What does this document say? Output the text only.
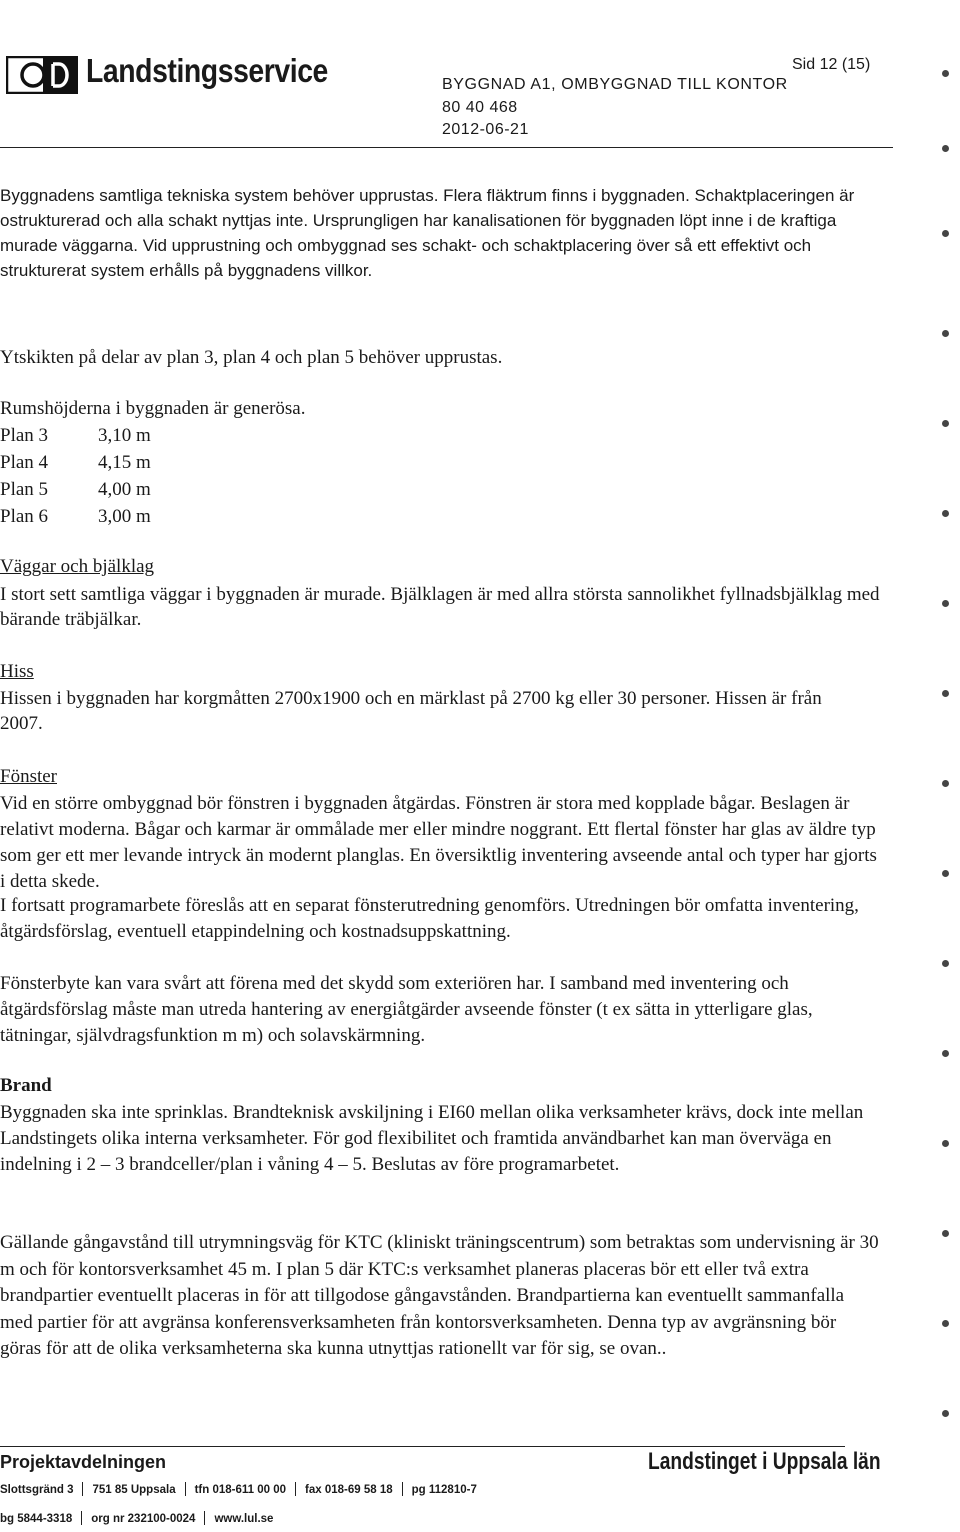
Landstingsservice	Sid 12 (15)
BYGGNAD A1, OMBYGGNAD TILL KONTOR
80 40 468
2012-06-21

Byggnadens samtliga tekniska system behöver upprustas. Flera fläktrum finns i byggnaden. Schaktplaceringen är ostrukturerad och alla schakt nyttjas inte. Ursprungligen har kanalisationen för byggnaden löpt inne i de kraftiga murade väggarna. Vid upprustning och ombyggnad ses schakt- och schaktplacering över så ett effektivt och strukturerat system erhålls på byggnadens villkor.

Ytskikten på delar av plan 3, plan 4 och plan 5 behöver upprustas.

Rumshöjderna i byggnaden är generösa.

Plan 3	3,10 m
Plan 4	4,15 m
Plan 5	4,00 m
Plan 6	3,00 m
Väggar och bjälklag

I stort sett samtliga väggar i byggnaden är murade. Bjälklagen är med allra största sannolikhet fyllnadsbjälklag med bärande träbjälkar.

Hiss

Hissen i byggnaden har korgmåtten 2700x1900 och en märklast på 2700 kg eller 30 personer. Hissen är från 2007.

Fönster

Vid en större ombyggnad bör fönstren i byggnaden åtgärdas. Fönstren är stora med kopplade bågar. Beslagen är relativt moderna. Bågar och karmar är ommålade mer eller mindre noggrant. Ett flertal fönster har glas av äldre typ som ger ett mer levande intryck än modernt planglas. En översiktlig inventering avseende antal och typer har gjorts i detta skede.

I fortsatt programarbete föreslås att en separat fönsterutredning genomförs. Utredningen bör omfatta inventering, åtgärdsförslag, eventuell etappindelning och kostnadsuppskattning.

Fönsterbyte kan vara svårt att förena med det skydd som exteriören har. I samband med inventering och åtgärdsförslag måste man utreda hantering av energiåtgärder avseende fönster (t ex sätta in ytterligare glas, tätningar, självdragsfunktion m m) och solavskärmning.

Brand

Byggnaden ska inte sprinklas. Brandteknisk avskiljning i EI60 mellan olika verksamheter krävs, dock inte mellan Landstingets olika interna verksamheter. För god flexibilitet och framtida användbarhet kan man överväga en indelning i 2 – 3 brandceller/plan i våning 4 – 5. Beslutas av före programarbetet.

Gällande gångavstånd till utrymningsväg för KTC (kliniskt träningscentrum) som betraktas som undervisning är 30 m och för kontorsverksamhet 45 m. I plan 5 där KTC:s verksamhet planeras placeras bör ett eller två extra brandpartier eventuellt placeras in för att tillgodose gångavstånden. Brandpartierna kan eventuellt sammanfalla med partier för att avgränsa konferensverksamheten från kontorsverksamheten. Denna typ av avgränsning bör göras för att de olika verksamheterna ska kunna utnyttjas rationellt var för sig, se ovan..

Projektavdelningen	Landstinget i Uppsala län
Slottsgränd 3 751 85 Uppsala tfn 018-611 00 00 fax 018-69 58 18 pg 112810-7
bg 5844-3318 org nr 232100-0024 www.lul.se
